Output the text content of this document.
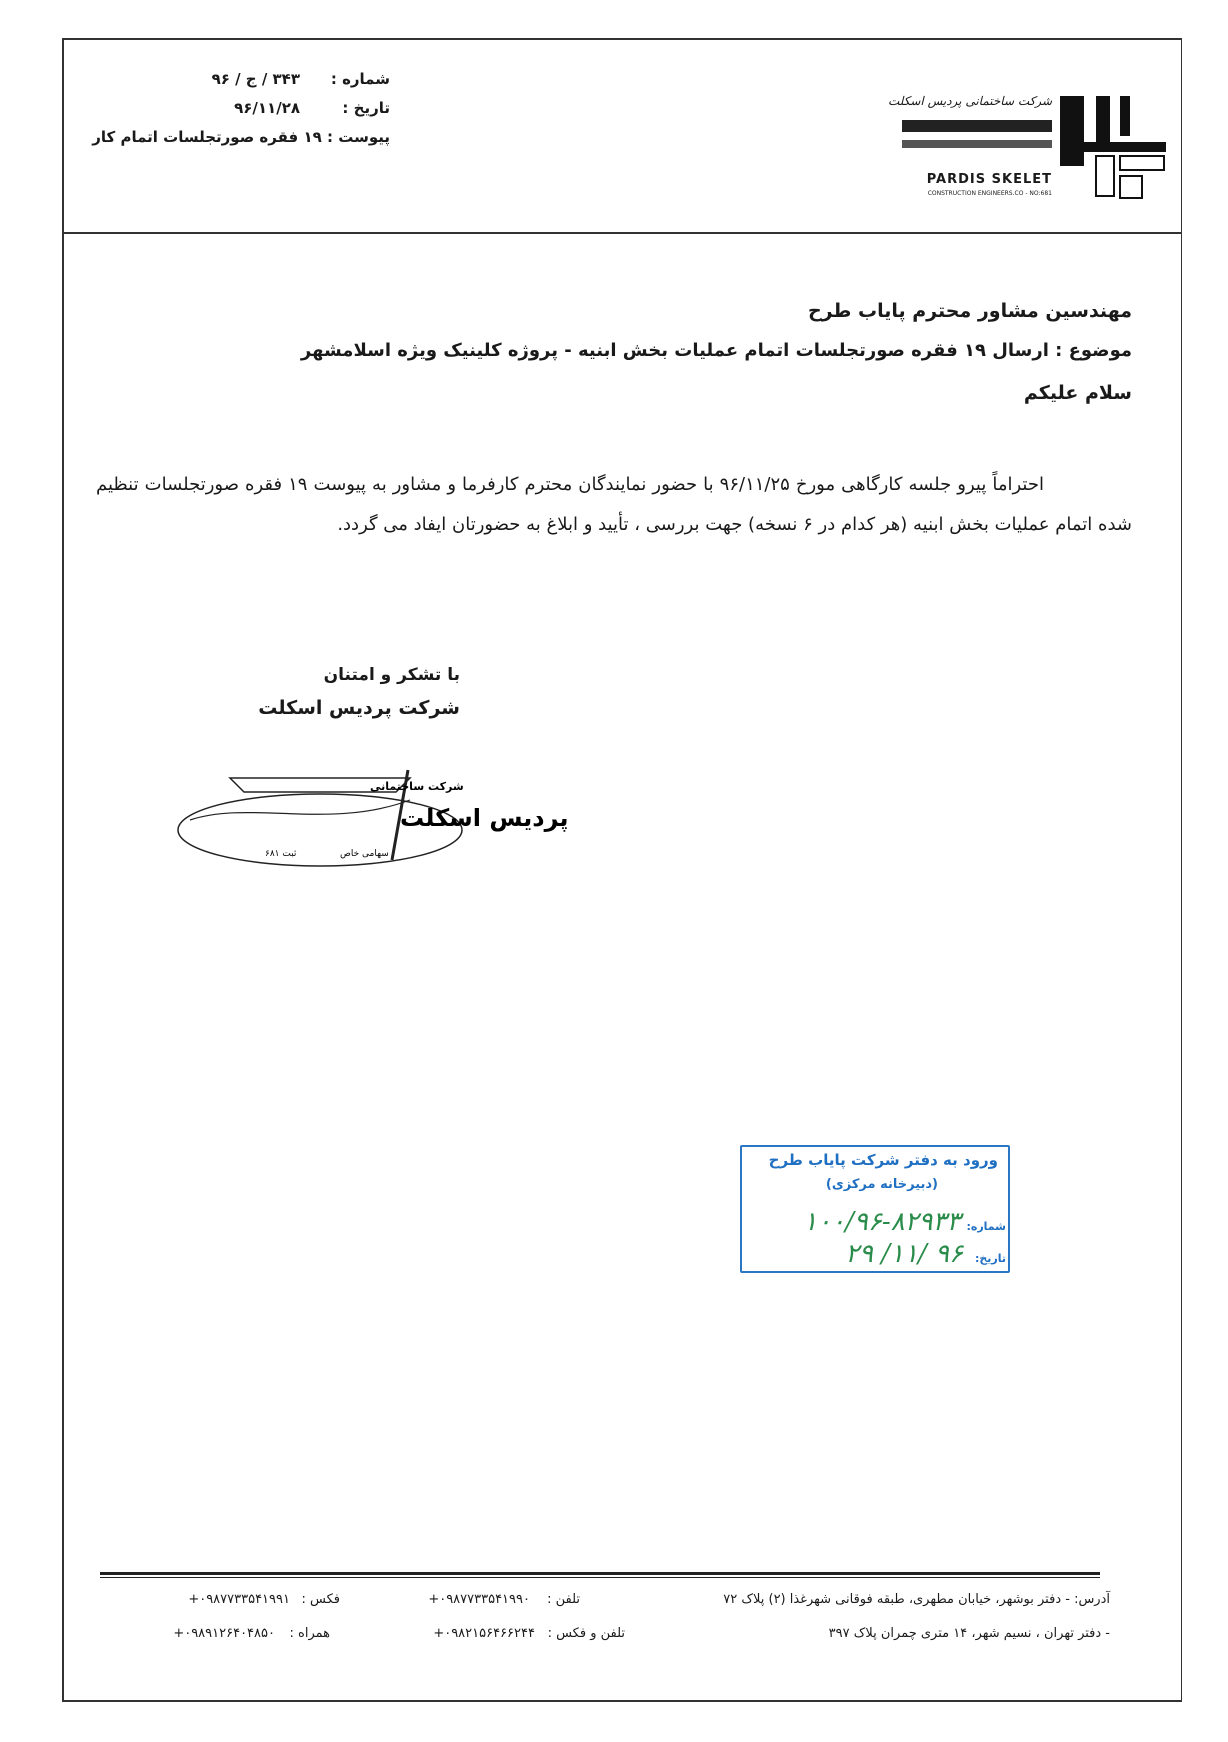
شماره :
۳۴۳ / ج / ۹۶
تاریخ :
۹۶/۱۱/۲۸
پیوست : ۱۹ فقره صورتجلسات اتمام کار
شرکت ساختمانی پردیس اسکلت
PARDIS SKELET
CONSTRUCTION ENGINEERS.CO - NO:681
مهندسین مشاور محترم پایاب طرح
موضوع : ارسال ۱۹ فقره صورتجلسات اتمام عملیات بخش ابنیه - پروژه کلینیک ویژه اسلامشهر
سلام علیکم
احتراماً پیرو جلسه کارگاهی مورخ ۹۶/۱۱/۲۵ با حضور نمایندگان محترم کارفرما و مشاور به پیوست ۱۹ فقره صورتجلسات تنظیم شده اتمام عملیات بخش ابنیه (هر کدام در ۶ نسخه) جهت بررسی ، تأیید و ابلاغ به حضورتان ایفاد می گردد.
با تشکر و امتنان
شرکت پردیس اسکلت
شرکت ساختمانی
پردیس اسکلت
سهامی خاص
ثبت ۶۸۱
ورود به دفتر شرکت پایاب طرح
(دبیرخانه مرکزی)
شماره:
۱۰۰/۹۶-۸۲۹۳۳
تاریخ:
۹۶ /۱۱/ ۲۹
آدرس: - دفتر بوشهر، خیابان مطهری، طبقه فوقانی شهرغذا (۲) پلاک ۷۲
تلفن :
۰۹۸۷۷۳۳۵۴۱۹۹۰+
فکس :
۰۹۸۷۷۳۳۵۴۱۹۹۱+
- دفتر تهران ، نسیم شهر، ۱۴ متری چمران پلاک ۳۹۷
تلفن و فکس :
۰۹۸۲۱۵۶۴۶۶۲۴۴+
همراه :
۰۹۸۹۱۲۶۴۰۴۸۵۰+
